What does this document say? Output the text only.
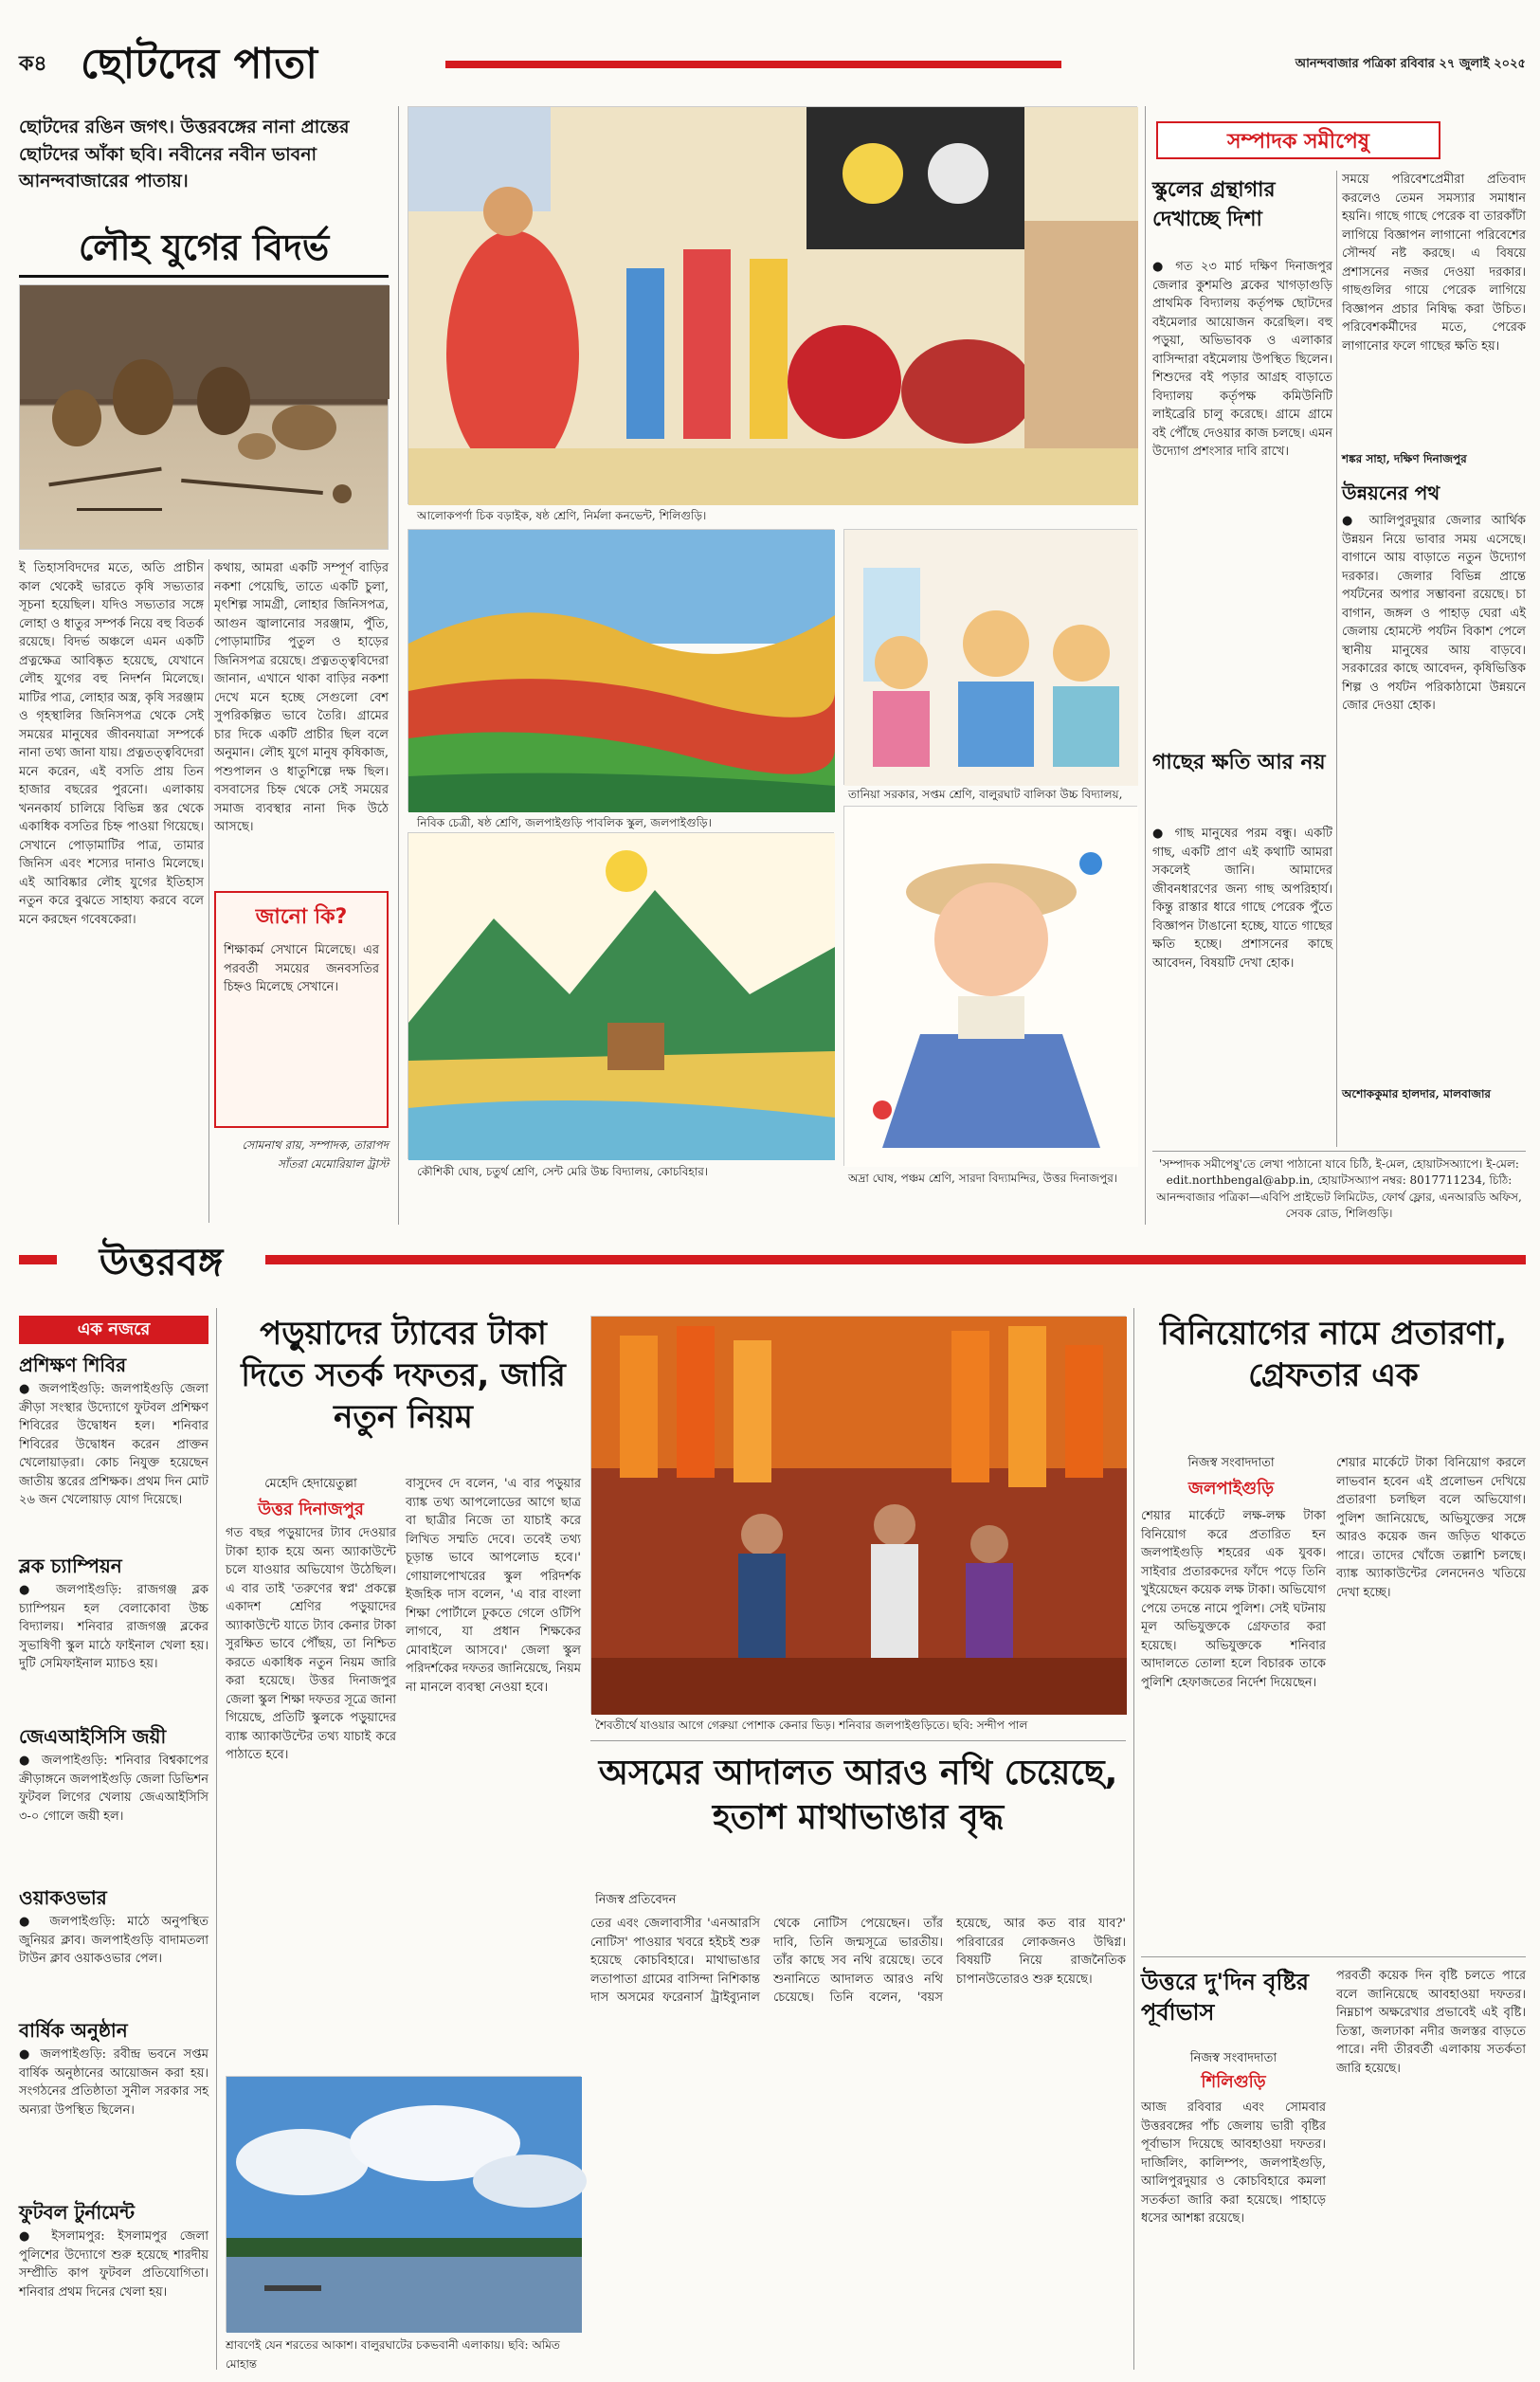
ক৪ ছোটদের পাতা	আনন্দবাজার পত্রিকা রবিবার ২৭ জুলাই ২০২৫
ছোটদের রঙিন জগৎ। উত্তরবঙ্গের নানা প্রান্তের ছোটদের আঁকা ছবি। নবীনের নবীন ভাবনা আনন্দবাজারের পাতায়।
লৌহ যুগের বিদর্ভ
ই তিহাসবিদদের মতে, অতি প্রাচীন কাল থেকেই ভারতে কৃষি সভ্যতার সূচনা হয়েছিল। যদিও সভ্যতার সঙ্গে লোহা ও ধাতুর সম্পর্ক নিয়ে বহু বিতর্ক রয়েছে। বিদর্ভ অঞ্চলে এমন একটি প্রত্নক্ষেত্র আবিষ্কৃত হয়েছে, যেখানে লৌহ যুগের বহু নিদর্শন মিলেছে। মাটির পাত্র, লোহার অস্ত্র, কৃষি সরঞ্জাম ও গৃহস্থালির জিনিসপত্র থেকে সেই সময়ের মানুষের জীবনযাত্রা সম্পর্কে নানা তথ্য জানা যায়। প্রত্নতত্ত্ববিদেরা মনে করেন, এই বসতি প্রায় তিন হাজার বছরের পুরনো। এলাকায় খননকার্য চালিয়ে বিভিন্ন স্তর থেকে একাধিক বসতির চিহ্ন পাওয়া গিয়েছে। সেখানে পোড়ামাটির পাত্র, তামার জিনিস এবং শস্যের দানাও মিলেছে। এই আবিষ্কার লৌহ যুগের ইতিহাস নতুন করে বুঝতে সাহায্য করবে বলে মনে করছেন গবেষকেরা।
কথায়, আমরা একটি সম্পূর্ণ বাড়ির নকশা পেয়েছি, তাতে একটি চুলা, মৃৎশিল্প সামগ্রী, লোহার জিনিসপত্র, আগুন জ্বালানোর সরঞ্জাম, পুঁতি, পোড়ামাটির পুতুল ও হাড়ের জিনিসপত্র রয়েছে। প্রত্নতত্ত্ববিদেরা জানান, এখানে থাকা বাড়ির নকশা দেখে মনে হচ্ছে সেগুলো বেশ সুপরিকল্পিত ভাবে তৈরি। গ্রামের চার দিকে একটি প্রাচীর ছিল বলে অনুমান। লৌহ যুগে মানুষ কৃষিকাজ, পশুপালন ও ধাতুশিল্পে দক্ষ ছিল। বসবাসের চিহ্ন থেকে সেই সময়ের সমাজ ব্যবস্থার নানা দিক উঠে আসছে।
জানো কি?
শিক্ষাকর্ম সেখানে মিলেছে। এর পরবর্তী সময়ের জনবসতির চিহ্নও মিলেছে সেখানে।
সোমনাথ রায়, সম্পাদক, তারাপদ সাঁতরা মেমোরিয়াল ট্রাস্ট
আলোকপর্ণা চিক বড়াইক, ষষ্ঠ শ্রেণি, নির্মলা কনভেন্ট, শিলিগুড়ি।
নিবিক চেত্রী, ষষ্ঠ শ্রেণি, জলপাইগুড়ি পাবলিক স্কুল, জলপাইগুড়ি।
তানিয়া সরকার, সপ্তম শ্রেণি, বালুরঘাট বালিকা উচ্চ বিদ্যালয়,
কৌশিকী ঘোষ, চতুর্থ শ্রেণি, সেন্ট মেরি উচ্চ বিদ্যালয়, কোচবিহার।	অদ্রা ঘোষ, পঞ্চম শ্রেণি, সারদা বিদ্যামন্দির, উত্তর দিনাজপুর।
সম্পাদক সমীপেষু
স্কুলের গ্রন্থাগার দেখাচ্ছে দিশা
● গত ২৩ মার্চ দক্ষিণ দিনাজপুর জেলার কুশমণ্ডি ব্লকের খাগড়াগুড়ি প্রাথমিক বিদ্যালয় কর্তৃপক্ষ ছোটদের বইমেলার আয়োজন করেছিল। বহু পড়ুয়া, অভিভাবক ও এলাকার বাসিন্দারা বইমেলায় উপস্থিত ছিলেন। শিশুদের বই পড়ার আগ্রহ বাড়াতে বিদ্যালয় কর্তৃপক্ষ কমিউনিটি লাইব্রেরি চালু করেছে। গ্রামে গ্রামে বই পৌঁছে দেওয়ার কাজ চলছে। এমন উদ্যোগ প্রশংসার দাবি রাখে।
গাছের ক্ষতি আর নয়
● গাছ মানুষের পরম বন্ধু। একটি গাছ, একটি প্রাণ এই কথাটি আমরা সকলেই জানি। আমাদের জীবনধারণের জন্য গাছ অপরিহার্য। কিন্তু রাস্তার ধারে গাছে পেরেক পুঁতে বিজ্ঞাপন টাঙানো হচ্ছে, যাতে গাছের ক্ষতি হচ্ছে। প্রশাসনের কাছে আবেদন, বিষয়টি দেখা হোক।
সময়ে পরিবেশপ্রেমীরা প্রতিবাদ করলেও তেমন সমস্যার সমাধান হয়নি। গাছে গাছে পেরেক বা তারকাঁটা লাগিয়ে বিজ্ঞাপন লাগানো পরিবেশের সৌন্দর্য নষ্ট করছে। এ বিষয়ে প্রশাসনের নজর দেওয়া দরকার। গাছগুলির গায়ে পেরেক লাগিয়ে বিজ্ঞাপন প্রচার নিষিদ্ধ করা উচিত। পরিবেশকর্মীদের মতে, পেরেক লাগানোর ফলে গাছের ক্ষতি হয়।
শঙ্কর সাহা, দক্ষিণ দিনাজপুর
উন্নয়নের পথ
● আলিপুরদুয়ার জেলার আর্থিক উন্নয়ন নিয়ে ভাবার সময় এসেছে। বাগানে আয় বাড়াতে নতুন উদ্যোগ দরকার। জেলার বিভিন্ন প্রান্তে পর্যটনের অপার সম্ভাবনা রয়েছে। চা বাগান, জঙ্গল ও পাহাড় ঘেরা এই জেলায় হোমস্টে পর্যটন বিকাশ পেলে স্থানীয় মানুষের আয় বাড়বে। সরকারের কাছে আবেদন, কৃষিভিত্তিক শিল্প ও পর্যটন পরিকাঠামো উন্নয়নে জোর দেওয়া হোক।
অশোককুমার হালদার, মালবাজার
'সম্পাদক সমীপেষু'তে লেখা পাঠানো যাবে চিঠি, ই-মেল, হোয়াটসঅ্যাপে। ই-মেল: edit.northbengal@abp.in, হোয়াটসঅ্যাপ নম্বর: 8017711234, চিঠি: আনন্দবাজার পত্রিকা—এবিপি প্রাইভেট লিমিটেড, ফোর্থ ফ্লোর, এনআরডি অফিস, সেবক রোড, শিলিগুড়ি।
উত্তরবঙ্গ
এক নজরে
প্রশিক্ষণ শিবির
● জলপাইগুড়ি: জলপাইগুড়ি জেলা ক্রীড়া সংস্থার উদ্যোগে ফুটবল প্রশিক্ষণ শিবিরের উদ্বোধন হল। শনিবার শিবিরের উদ্বোধন করেন প্রাক্তন খেলোয়াড়রা। কোচ নিযুক্ত হয়েছেন জাতীয় স্তরের প্রশিক্ষক। প্রথম দিন মোট ২৬ জন খেলোয়াড় যোগ দিয়েছে।
ব্লক চ্যাম্পিয়ন
● জলপাইগুড়ি: রাজগঞ্জ ব্লক চ্যাম্পিয়ন হল বেলাকোবা উচ্চ বিদ্যালয়। শনিবার রাজগঞ্জ ব্লকের সুভাষিণী স্কুল মাঠে ফাইনাল খেলা হয়। দুটি সেমিফাইনাল ম্যাচও হয়।
জেএআইসিসি জয়ী
● জলপাইগুড়ি: শনিবার বিশ্বকাপের ক্রীড়াঙ্গনে জলপাইগুড়ি জেলা ডিভিশন ফুটবল লিগের খেলায় জেএআইসিসি ৩-০ গোলে জয়ী হল।
ওয়াকওভার
● জলপাইগুড়ি: মাঠে অনুপস্থিত জুনিয়র ক্লাব। জলপাইগুড়ি বাদামতলা টাউন ক্লাব ওয়াকওভার পেল।
বার্ষিক অনুষ্ঠান
● জলপাইগুড়ি: রবীন্দ্র ভবনে সপ্তম বার্ষিক অনুষ্ঠানের আয়োজন করা হয়। সংগঠনের প্রতিষ্ঠাতা সুনীল সরকার সহ অন্যরা উপস্থিত ছিলেন।
ফুটবল টুর্নামেন্ট
● ইসলামপুর: ইসলামপুর জেলা পুলিশের উদ্যোগে শুরু হয়েছে শারদীয় সম্প্রীতি কাপ ফুটবল প্রতিযোগিতা। শনিবার প্রথম দিনের খেলা হয়।
পড়ুয়াদের ট্যাবের টাকা দিতে সতর্ক দফতর, জারি নতুন নিয়ম
মেহেদি হেদায়েতুল্লা
উত্তর দিনাজপুর
গত বছর পড়ুয়াদের ট্যাব দেওয়ার টাকা হ্যাক হয়ে অন্য অ্যাকাউন্টে চলে যাওয়ার অভিযোগ উঠেছিল। এ বার তাই 'তরুণের স্বপ্ন' প্রকল্পে একাদশ শ্রেণির পড়ুয়াদের অ্যাকাউন্টে যাতে ট্যাব কেনার টাকা সুরক্ষিত ভাবে পৌঁছয়, তা নিশ্চিত করতে একাধিক নতুন নিয়ম জারি করা হয়েছে। উত্তর দিনাজপুর জেলা স্কুল শিক্ষা দফতর সূত্রে জানা গিয়েছে, প্রতিটি স্কুলকে পড়ুয়াদের ব্যাঙ্ক অ্যাকাউন্টের তথ্য যাচাই করে পাঠাতে হবে।
বাসুদেব দে বলেন, 'এ বার পড়ুয়ার ব্যাঙ্ক তথ্য আপলোডের আগে ছাত্র বা ছাত্রীর নিজে তা যাচাই করে লিখিত সম্মতি দেবে। তবেই তথ্য চূড়ান্ত ভাবে আপলোড হবে।' গোয়ালপোখরের স্কুল পরিদর্শক ইজহিক দাস বলেন, 'এ বার বাংলা শিক্ষা পোর্টালে ঢুকতে গেলে ওটিপি লাগবে, যা প্রধান শিক্ষকের মোবাইলে আসবে।' জেলা স্কুল পরিদর্শকের দফতর জানিয়েছে, নিয়ম না মানলে ব্যবস্থা নেওয়া হবে।
শৈবতীর্থে যাওয়ার আগে গেরুয়া পোশাক কেনার ভিড়। শনিবার জলপাইগুড়িতে। ছবি: সন্দীপ পাল
অসমের আদালত আরও নথি চেয়েছে, হতাশ মাথাভাঙার বৃদ্ধ
নিজস্ব প্রতিবেদন
তের এবং জেলাবাসীর 'এনআরসি নোটিস' পাওয়ার খবরে হইচই শুরু হয়েছে কোচবিহারে। মাথাভাঙার লতাপাতা গ্রামের বাসিন্দা নিশিকান্ত দাস অসমের ফরেনার্স ট্রাইব্যুনাল থেকে নোটিস পেয়েছেন। তাঁর দাবি, তিনি জন্মসূত্রে ভারতীয়। তাঁর কাছে সব নথি রয়েছে। তবে শুনানিতে আদালত আরও নথি চেয়েছে। তিনি বলেন, 'বয়স হয়েছে, আর কত বার যাব?' পরিবারের লোকজনও উদ্বিগ্ন। বিষয়টি নিয়ে রাজনৈতিক চাপানউতোরও শুরু হয়েছে।
শ্রাবণেই যেন শরতের আকাশ। বালুরঘাটের চকভবানী এলাকায়। ছবি: অমিত মোহান্ত
বিনিয়োগের নামে প্রতারণা, গ্রেফতার এক
নিজস্ব সংবাদদাতা
জলপাইগুড়ি
শেয়ার মার্কেটে লক্ষ-লক্ষ টাকা বিনিয়োগ করে প্রতারিত হন জলপাইগুড়ি শহরের এক যুবক। সাইবার প্রতারকদের ফাঁদে পড়ে তিনি খুইয়েছেন কয়েক লক্ষ টাকা। অভিযোগ পেয়ে তদন্তে নামে পুলিশ। সেই ঘটনায় মূল অভিযুক্তকে গ্রেফতার করা হয়েছে। অভিযুক্তকে শনিবার আদালতে তোলা হলে বিচারক তাকে পুলিশি হেফাজতের নির্দেশ দিয়েছেন।
শেয়ার মার্কেটে টাকা বিনিয়োগ করলে লাভবান হবেন এই প্রলোভন দেখিয়ে প্রতারণা চলছিল বলে অভিযোগ। পুলিশ জানিয়েছে, অভিযুক্তের সঙ্গে আরও কয়েক জন জড়িত থাকতে পারে। তাদের খোঁজে তল্লাশি চলছে। ব্যাঙ্ক অ্যাকাউন্টের লেনদেনও খতিয়ে দেখা হচ্ছে।
উত্তরে দু'দিন বৃষ্টির পূর্বাভাস
নিজস্ব সংবাদদাতা
শিলিগুড়ি
আজ রবিবার এবং সোমবার উত্তরবঙ্গের পাঁচ জেলায় ভারী বৃষ্টির পূর্বাভাস দিয়েছে আবহাওয়া দফতর। দার্জিলিং, কালিম্পং, জলপাইগুড়ি, আলিপুরদুয়ার ও কোচবিহারে কমলা সতর্কতা জারি করা হয়েছে। পাহাড়ে ধসের আশঙ্কা রয়েছে।
পরবর্তী কয়েক দিন বৃষ্টি চলতে পারে বলে জানিয়েছে আবহাওয়া দফতর। নিম্নচাপ অক্ষরেখার প্রভাবেই এই বৃষ্টি। তিস্তা, জলঢাকা নদীর জলস্তর বাড়তে পারে। নদী তীরবর্তী এলাকায় সতর্কতা জারি হয়েছে।
